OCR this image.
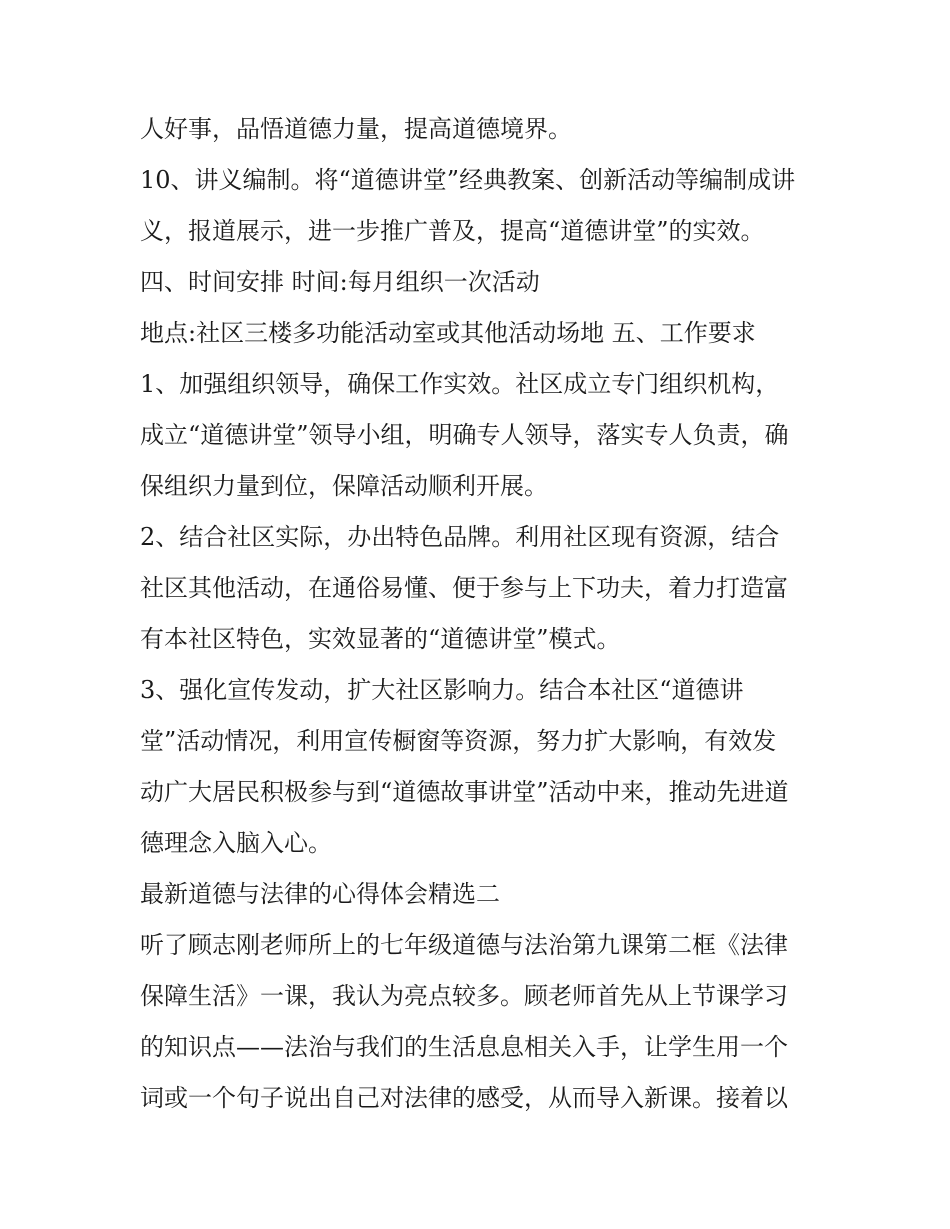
人好事，品悟道德力量，提高道德境界。
10、讲义编制。将“道德讲堂”经典教案、创新活动等编制成讲
义，报道展示，进一步推广普及，提高“道德讲堂”的实效。
四、时间安排 时间:每月组织一次活动
地点:社区三楼多功能活动室或其他活动场地 五、工作要求
1、加强组织领导，确保工作实效。社区成立专门组织机构，
成立“道德讲堂”领导小组，明确专人领导，落实专人负责，确
保组织力量到位，保障活动顺利开展。
2、结合社区实际，办出特色品牌。利用社区现有资源，结合
社区其他活动，在通俗易懂、便于参与上下功夫，着力打造富
有本社区特色，实效显著的“道德讲堂”模式。
3、强化宣传发动，扩大社区影响力。结合本社区“道德讲
堂”活动情况，利用宣传橱窗等资源，努力扩大影响，有效发
动广大居民积极参与到“道德故事讲堂”活动中来，推动先进道
德理念入脑入心。
最新道德与法律的心得体会精选二
听了顾志刚老师所上的七年级道德与法治第九课第二框《法律
保障生活》一课，我认为亮点较多。顾老师首先从上节课学习
的知识点——法治与我们的生活息息相关入手，让学生用一个
词或一个句子说出自己对法律的感受，从而导入新课。接着以
